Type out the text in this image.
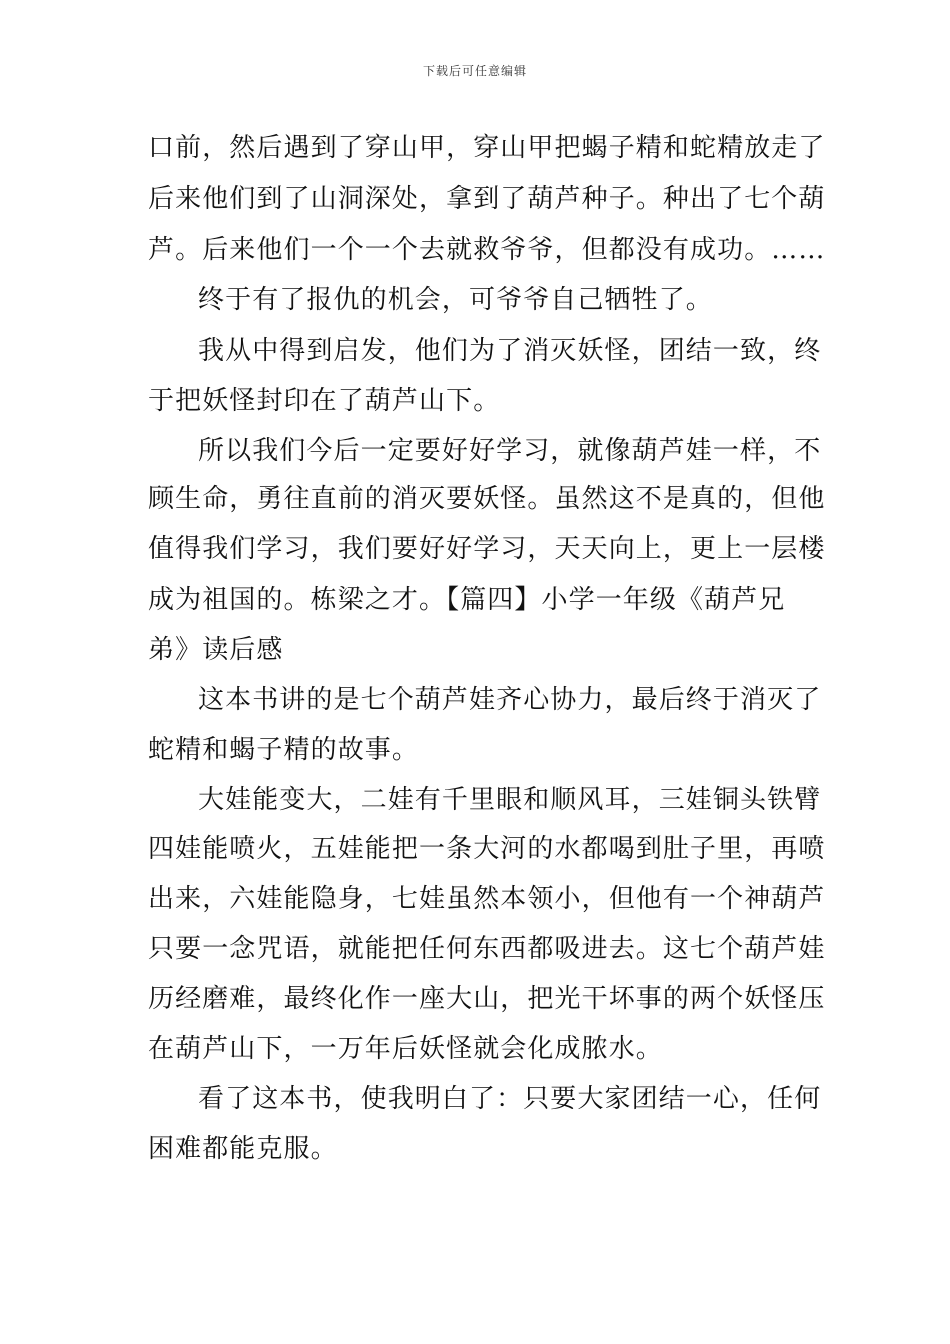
下载后可任意编辑
口前，然后遇到了穿山甲，穿山甲把蝎子精和蛇精放走了
后来他们到了山洞深处，拿到了葫芦种子。种出了七个葫
芦。后来他们一个一个去就救爷爷，但都没有成功。……
终于有了报仇的机会，可爷爷自己牺牲了。
我从中得到启发，他们为了消灭妖怪，团结一致，终
于把妖怪封印在了葫芦山下。
所以我们今后一定要好好学习，就像葫芦娃一样，不
顾生命，勇往直前的消灭要妖怪。虽然这不是真的，但他
值得我们学习，我们要好好学习，天天向上，更上一层楼
成为祖国的。栋梁之才。【篇四】小学一年级《葫芦兄
弟》读后感
这本书讲的是七个葫芦娃齐心协力，最后终于消灭了
蛇精和蝎子精的故事。
大娃能变大，二娃有千里眼和顺风耳，三娃铜头铁臂
四娃能喷火，五娃能把一条大河的水都喝到肚子里，再喷
出来，六娃能隐身，七娃虽然本领小，但他有一个神葫芦
只要一念咒语，就能把任何东西都吸进去。这七个葫芦娃
历经磨难，最终化作一座大山，把光干坏事的两个妖怪压
在葫芦山下，一万年后妖怪就会化成脓水。
看了这本书，使我明白了：只要大家团结一心，任何
困难都能克服。
